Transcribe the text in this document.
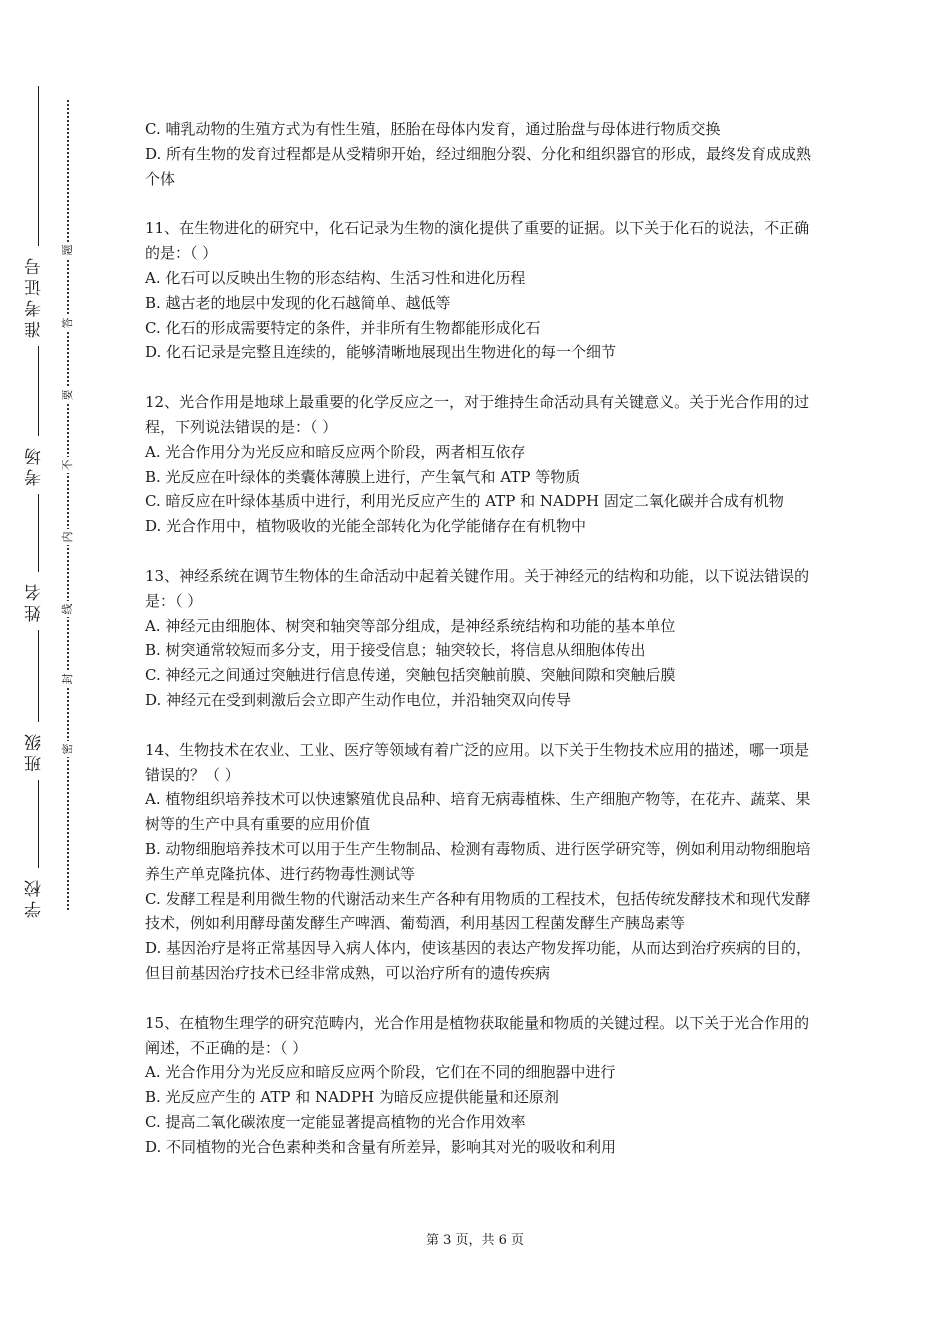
准考证号
考场
姓名
班级
学校
题
答
要
不
内
线
封
密

C. 哺乳动物的生殖方式为有性生殖，胚胎在母体内发育，通过胎盘与母体进行物质交换

D. 所有生物的发育过程都是从受精卵开始，经过细胞分裂、分化和组织器官的形成，最终发育成成熟个体

11、在生物进化的研究中，化石记录为生物的演化提供了重要的证据。以下关于化石的说法，不正确的是：（ ）

A. 化石可以反映出生物的形态结构、生活习性和进化历程

B. 越古老的地层中发现的化石越简单、越低等

C. 化石的形成需要特定的条件，并非所有生物都能形成化石

D. 化石记录是完整且连续的，能够清晰地展现出生物进化的每一个细节

12、光合作用是地球上最重要的化学反应之一，对于维持生命活动具有关键意义。关于光合作用的过程，下列说法错误的是：（ ）

A. 光合作用分为光反应和暗反应两个阶段，两者相互依存

B. 光反应在叶绿体的类囊体薄膜上进行，产生氧气和 ATP 等物质

C. 暗反应在叶绿体基质中进行，利用光反应产生的 ATP 和 NADPH 固定二氧化碳并合成有机物

D. 光合作用中，植物吸收的光能全部转化为化学能储存在有机物中

13、神经系统在调节生物体的生命活动中起着关键作用。关于神经元的结构和功能，以下说法错误的是：（ ）

A. 神经元由细胞体、树突和轴突等部分组成，是神经系统结构和功能的基本单位

B. 树突通常较短而多分支，用于接受信息；轴突较长，将信息从细胞体传出

C. 神经元之间通过突触进行信息传递，突触包括突触前膜、突触间隙和突触后膜

D. 神经元在受到刺激后会立即产生动作电位，并沿轴突双向传导

14、生物技术在农业、工业、医疗等领域有着广泛的应用。以下关于生物技术应用的描述，哪一项是错误的？（ ）

A. 植物组织培养技术可以快速繁殖优良品种、培育无病毒植株、生产细胞产物等，在花卉、蔬菜、果树等的生产中具有重要的应用价值

B. 动物细胞培养技术可以用于生产生物制品、检测有毒物质、进行医学研究等，例如利用动物细胞培养生产单克隆抗体、进行药物毒性测试等

C. 发酵工程是利用微生物的代谢活动来生产各种有用物质的工程技术，包括传统发酵技术和现代发酵技术，例如利用酵母菌发酵生产啤酒、葡萄酒，利用基因工程菌发酵生产胰岛素等

D. 基因治疗是将正常基因导入病人体内，使该基因的表达产物发挥功能，从而达到治疗疾病的目的，但目前基因治疗技术已经非常成熟，可以治疗所有的遗传疾病

15、在植物生理学的研究范畴内，光合作用是植物获取能量和物质的关键过程。以下关于光合作用的阐述，不正确的是：（ ）

A. 光合作用分为光反应和暗反应两个阶段，它们在不同的细胞器中进行

B. 光反应产生的 ATP 和 NADPH 为暗反应提供能量和还原剂

C. 提高二氧化碳浓度一定能显著提高植物的光合作用效率

D. 不同植物的光合色素种类和含量有所差异，影响其对光的吸收和利用

第 3 页，共 6 页
